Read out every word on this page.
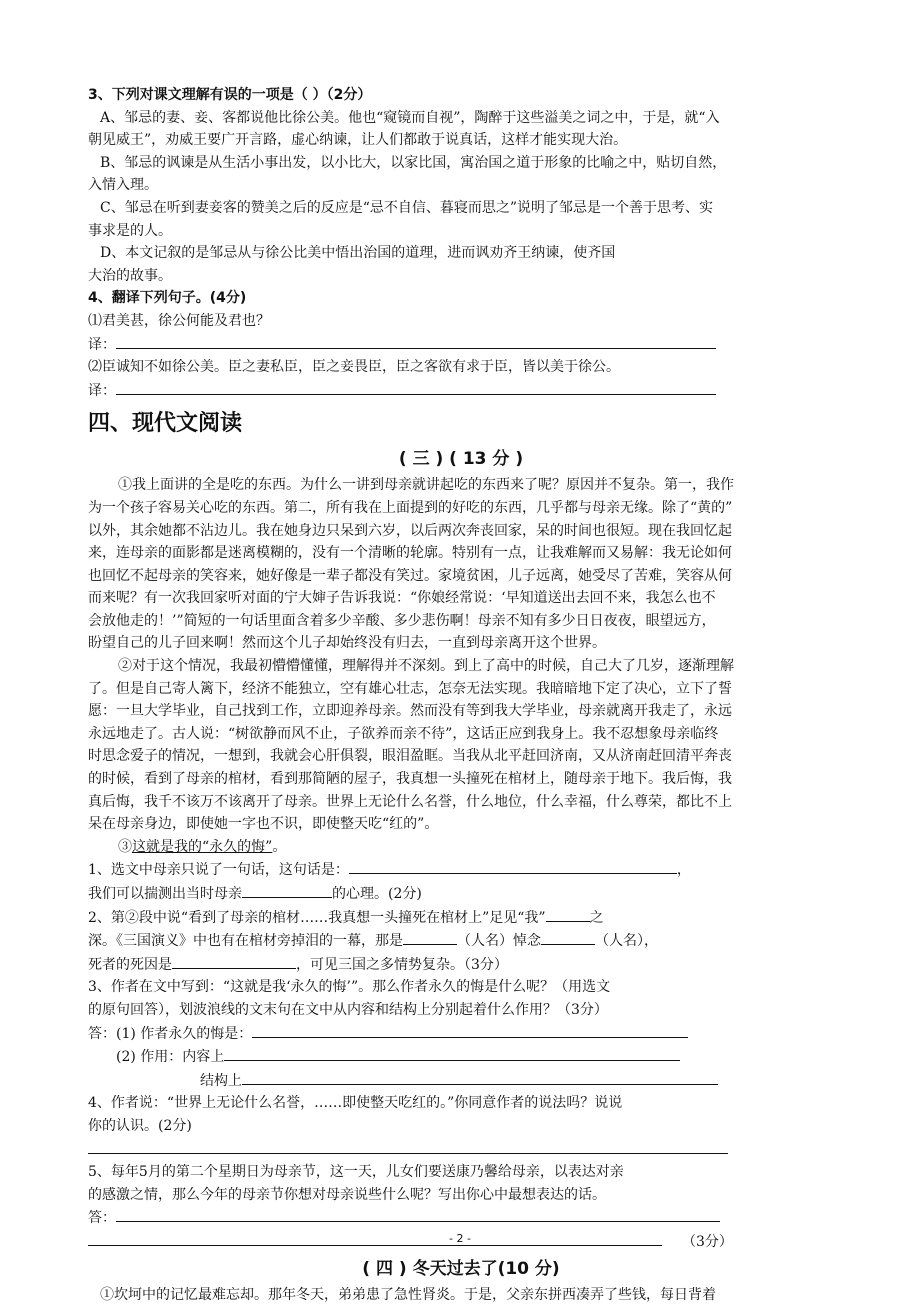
3、下列对课文理解有误的一项是（ ）（2分）
A、邹忌的妻、妾、客都说他比徐公美。他也“窥镜而自视”，陶醉于这些溢美之词之中，于是，就“入
朝见威王”，劝威王要广开言路，虚心纳谏，让人们都敢于说真话，这样才能实现大治。
B、邹忌的讽谏是从生活小事出发，以小比大，以家比国，寓治国之道于形象的比喻之中，贴切自然，
入情入理。
C、邹忌在听到妻妾客的赞美之后的反应是“忌不自信、暮寝而思之”说明了邹忌是一个善于思考、实
事求是的人。
D、本文记叙的是邹忌从与徐公比美中悟出治国的道理，进而讽劝齐王纳谏，使齐国
大治的故事。
4、翻译下列句子。(4分)
⑴君美甚，徐公何能及君也？
译：
⑵臣诚知不如徐公美。臣之妻私臣，臣之妾畏臣，臣之客欲有求于臣，皆以美于徐公。
译：
四、现代文阅读
( 三 ) ( 13 分 )
①我上面讲的全是吃的东西。为什么一讲到母亲就讲起吃的东西来了呢？原因并不复杂。第一，我作
为一个孩子容易关心吃的东西。第二，所有我在上面提到的好吃的东西，几乎都与母亲无缘。除了“黄的”
以外，其余她都不沾边儿。我在她身边只呆到六岁，以后两次奔丧回家，呆的时间也很短。现在我回忆起
来，连母亲的面影都是迷离模糊的，没有一个清晰的轮廓。特别有一点，让我难解而又易解：我无论如何
也回忆不起母亲的笑容来，她好像是一辈子都没有笑过。家境贫困，儿子远离，她受尽了苦难，笑容从何
而来呢？有一次我回家听对面的宁大婶子告诉我说：“你娘经常说：‘早知道送出去回不来，我怎么也不
会放他走的！’”简短的一句话里面含着多少辛酸、多少悲伤啊！母亲不知有多少日日夜夜，眼望远方，
盼望自己的儿子回来啊！然而这个儿子却始终没有归去，一直到母亲离开这个世界。
②对于这个情况，我最初懵懵懂懂，理解得并不深刻。到上了高中的时候，自己大了几岁，逐渐理解
了。但是自己寄人篱下，经济不能独立，空有雄心壮志，怎奈无法实现。我暗暗地下定了决心，立下了誓
愿：一旦大学毕业，自己找到工作，立即迎养母亲。然而没有等到我大学毕业，母亲就离开我走了，永远
永远地走了。古人说：“树欲静而风不止，子欲养而亲不待”，这话正应到我身上。我不忍想象母亲临终
时思念爱子的情况，一想到，我就会心肝俱裂，眼泪盈眶。当我从北平赶回济南，又从济南赶回清平奔丧
的时候，看到了母亲的棺材，看到那简陋的屋子，我真想一头撞死在棺材上，随母亲于地下。我后悔，我
真后悔，我千不该万不该离开了母亲。世界上无论什么名誉，什么地位，什么幸福，什么尊荣，都比不上
呆在母亲身边，即使她一字也不识，即使整天吃“红的”。
③这就是我的“永久的悔”。
1、选文中母亲只说了一句话，这句话是：	，
我们可以揣测出当时母亲	的心理。(2分)
2、第②段中说“看到了母亲的棺材……我真想一头撞死在棺材上”足见“我”	之
深。《三国演义》中也有在棺材旁掉泪的一幕，那是	（人名）悼念	（人名），
死者的死因是	，可见三国之多情势复杂。（3分）
3、作者在文中写到：“这就是我‘永久的悔’”。那么作者永久的悔是什么呢？（用选文
的原句回答），划波浪线的文末句在文中从内容和结构上分别起着什么作用？（3分）
答：(1) 作者永久的悔是：
(2) 作用：内容上
结构上
4、作者说：“世界上无论什么名誉，……即使整天吃红的。”你同意作者的说法吗？说说
你的认识。(2分)
5、每年5月的第二个星期日为母亲节，这一天，儿女们要送康乃馨给母亲，以表达对亲
的感激之情，那么今年的母亲节你想对母亲说些什么呢？写出你心中最想表达的话。
答：
（3分）
( 四 ) 冬天过去了(10 分)
①坎坷中的记忆最难忘却。那年冬天，弟弟患了急性肾炎。于是，父亲东拼西凑弄了些钱，每日背着
- 2 -
